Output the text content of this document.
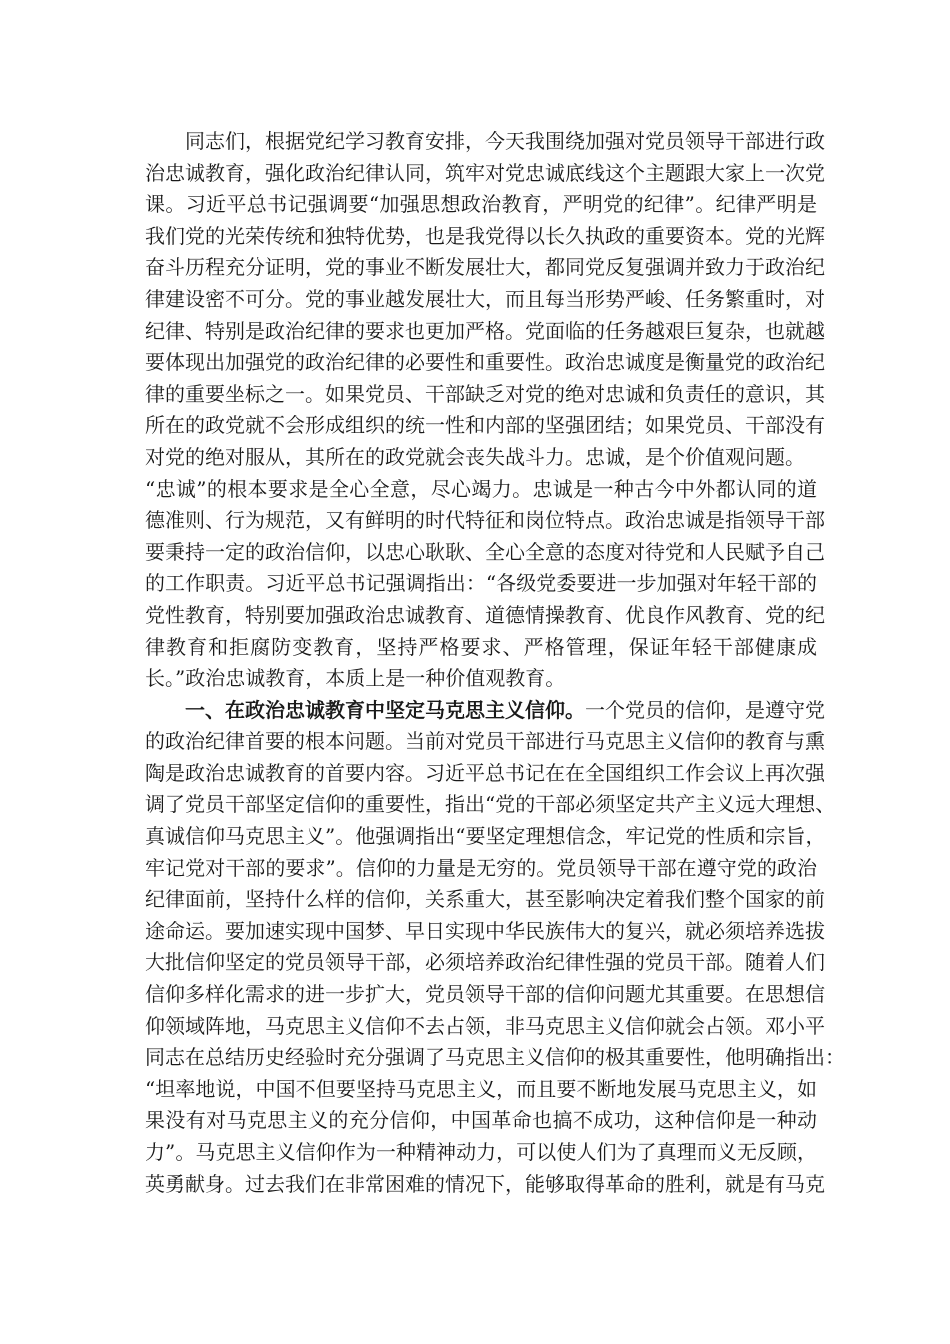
同志们，根据党纪学习教育安排，今天我围绕加强对党员领导干部进行政
治忠诚教育，强化政治纪律认同，筑牢对党忠诚底线这个主题跟大家上一次党
课。习近平总书记强调要“加强思想政治教育，严明党的纪律”。纪律严明是
我们党的光荣传统和独特优势，也是我党得以长久执政的重要资本。党的光辉
奋斗历程充分证明，党的事业不断发展壮大，都同党反复强调并致力于政治纪
律建设密不可分。党的事业越发展壮大，而且每当形势严峻、任务繁重时，对
纪律、特别是政治纪律的要求也更加严格。党面临的任务越艰巨复杂，也就越
要体现出加强党的政治纪律的必要性和重要性。政治忠诚度是衡量党的政治纪
律的重要坐标之一。如果党员、干部缺乏对党的绝对忠诚和负责任的意识，其
所在的政党就不会形成组织的统一性和内部的坚强团结；如果党员、干部没有
对党的绝对服从，其所在的政党就会丧失战斗力。忠诚，是个价值观问题。
“忠诚”的根本要求是全心全意，尽心竭力。忠诚是一种古今中外都认同的道
德准则、行为规范，又有鲜明的时代特征和岗位特点。政治忠诚是指领导干部
要秉持一定的政治信仰，以忠心耿耿、全心全意的态度对待党和人民赋予自己
的工作职责。习近平总书记强调指出：“各级党委要进一步加强对年轻干部的
党性教育，特别要加强政治忠诚教育、道德情操教育、优良作风教育、党的纪
律教育和拒腐防变教育，坚持严格要求、严格管理，保证年轻干部健康成
长。”政治忠诚教育，本质上是一种价值观教育。
一、在政治忠诚教育中坚定马克思主义信仰。一个党员的信仰，是遵守党
的政治纪律首要的根本问题。当前对党员干部进行马克思主义信仰的教育与熏
陶是政治忠诚教育的首要内容。习近平总书记在在全国组织工作会议上再次强
调了党员干部坚定信仰的重要性，指出“党的干部必须坚定共产主义远大理想、
真诚信仰马克思主义”。他强调指出“要坚定理想信念，牢记党的性质和宗旨，
牢记党对干部的要求”。信仰的力量是无穷的。党员领导干部在遵守党的政治
纪律面前，坚持什么样的信仰，关系重大，甚至影响决定着我们整个国家的前
途命运。要加速实现中国梦、早日实现中华民族伟大的复兴，就必须培养选拔
大批信仰坚定的党员领导干部，必须培养政治纪律性强的党员干部。随着人们
信仰多样化需求的进一步扩大，党员领导干部的信仰问题尤其重要。在思想信
仰领域阵地，马克思主义信仰不去占领，非马克思主义信仰就会占领。邓小平
同志在总结历史经验时充分强调了马克思主义信仰的极其重要性，他明确指出：
“坦率地说，中国不但要坚持马克思主义，而且要不断地发展马克思主义，如
果没有对马克思主义的充分信仰，中国革命也搞不成功，这种信仰是一种动
力”。马克思主义信仰作为一种精神动力，可以使人们为了真理而义无反顾，
英勇献身。过去我们在非常困难的情况下，能够取得革命的胜利，就是有马克
